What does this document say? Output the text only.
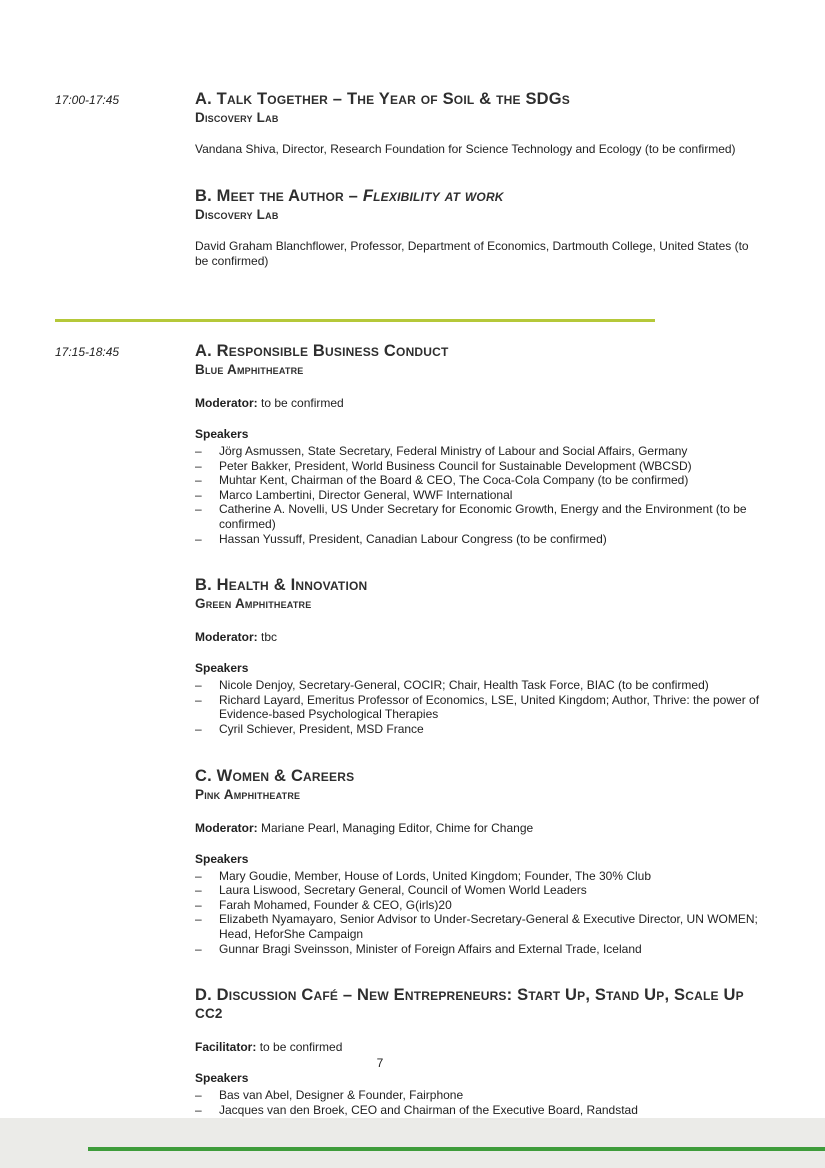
17:00-17:45	A. Talk Together – The Year of Soil & the SDGs
Discovery Lab

Vandana Shiva, Director, Research Foundation for Science Technology and Ecology (to be confirmed)

B. Meet the Author – Flexibility at work
Discovery Lab

David Graham Blanchflower, Professor, Department of Economics, Dartmouth College, United States (to be confirmed)

17:15-18:45	A. Responsible Business Conduct
Blue Amphitheatre
Moderator: to be confirmed
Speakers
–	Jörg Asmussen, State Secretary, Federal Ministry of Labour and Social Affairs, Germany
–	Peter Bakker, President, World Business Council for Sustainable Development (WBCSD)
–	Muhtar Kent, Chairman of the Board & CEO, The Coca-Cola Company (to be confirmed)
–	Marco Lambertini, Director General, WWF International
–	Catherine A. Novelli, US Under Secretary for Economic Growth, Energy and the Environment (to be confirmed)
–	Hassan Yussuff, President, Canadian Labour Congress (to be confirmed)
B. Health & Innovation
Green Amphitheatre
Moderator: tbc
Speakers
–	Nicole Denjoy, Secretary-General, COCIR; Chair, Health Task Force, BIAC (to be confirmed)
–	Richard Layard, Emeritus Professor of Economics, LSE, United Kingdom; Author, Thrive: the power of Evidence-based Psychological Therapies
–	Cyril Schiever, President, MSD France
C. Women & Careers
Pink Amphitheatre
Moderator: Mariane Pearl, Managing Editor, Chime for Change
Speakers
–	Mary Goudie, Member, House of Lords, United Kingdom; Founder, The 30% Club
–	Laura Liswood, Secretary General, Council of Women World Leaders
–	Farah Mohamed, Founder & CEO, G(irls)20
–	Elizabeth Nyamayaro, Senior Advisor to Under-Secretary-General & Executive Director, UN WOMEN; Head, HeforShe Campaign
–	Gunnar Bragi Sveinsson, Minister of Foreign Affairs and External Trade, Iceland
D. Discussion Café – New Entrepreneurs: Start Up, Stand Up, Scale Up
CC2
Facilitator: to be confirmed
Speakers
–	Bas van Abel, Designer & Founder, Fairphone
–	Jacques van den Broek, CEO and Chairman of the Executive Board, Randstad
7
